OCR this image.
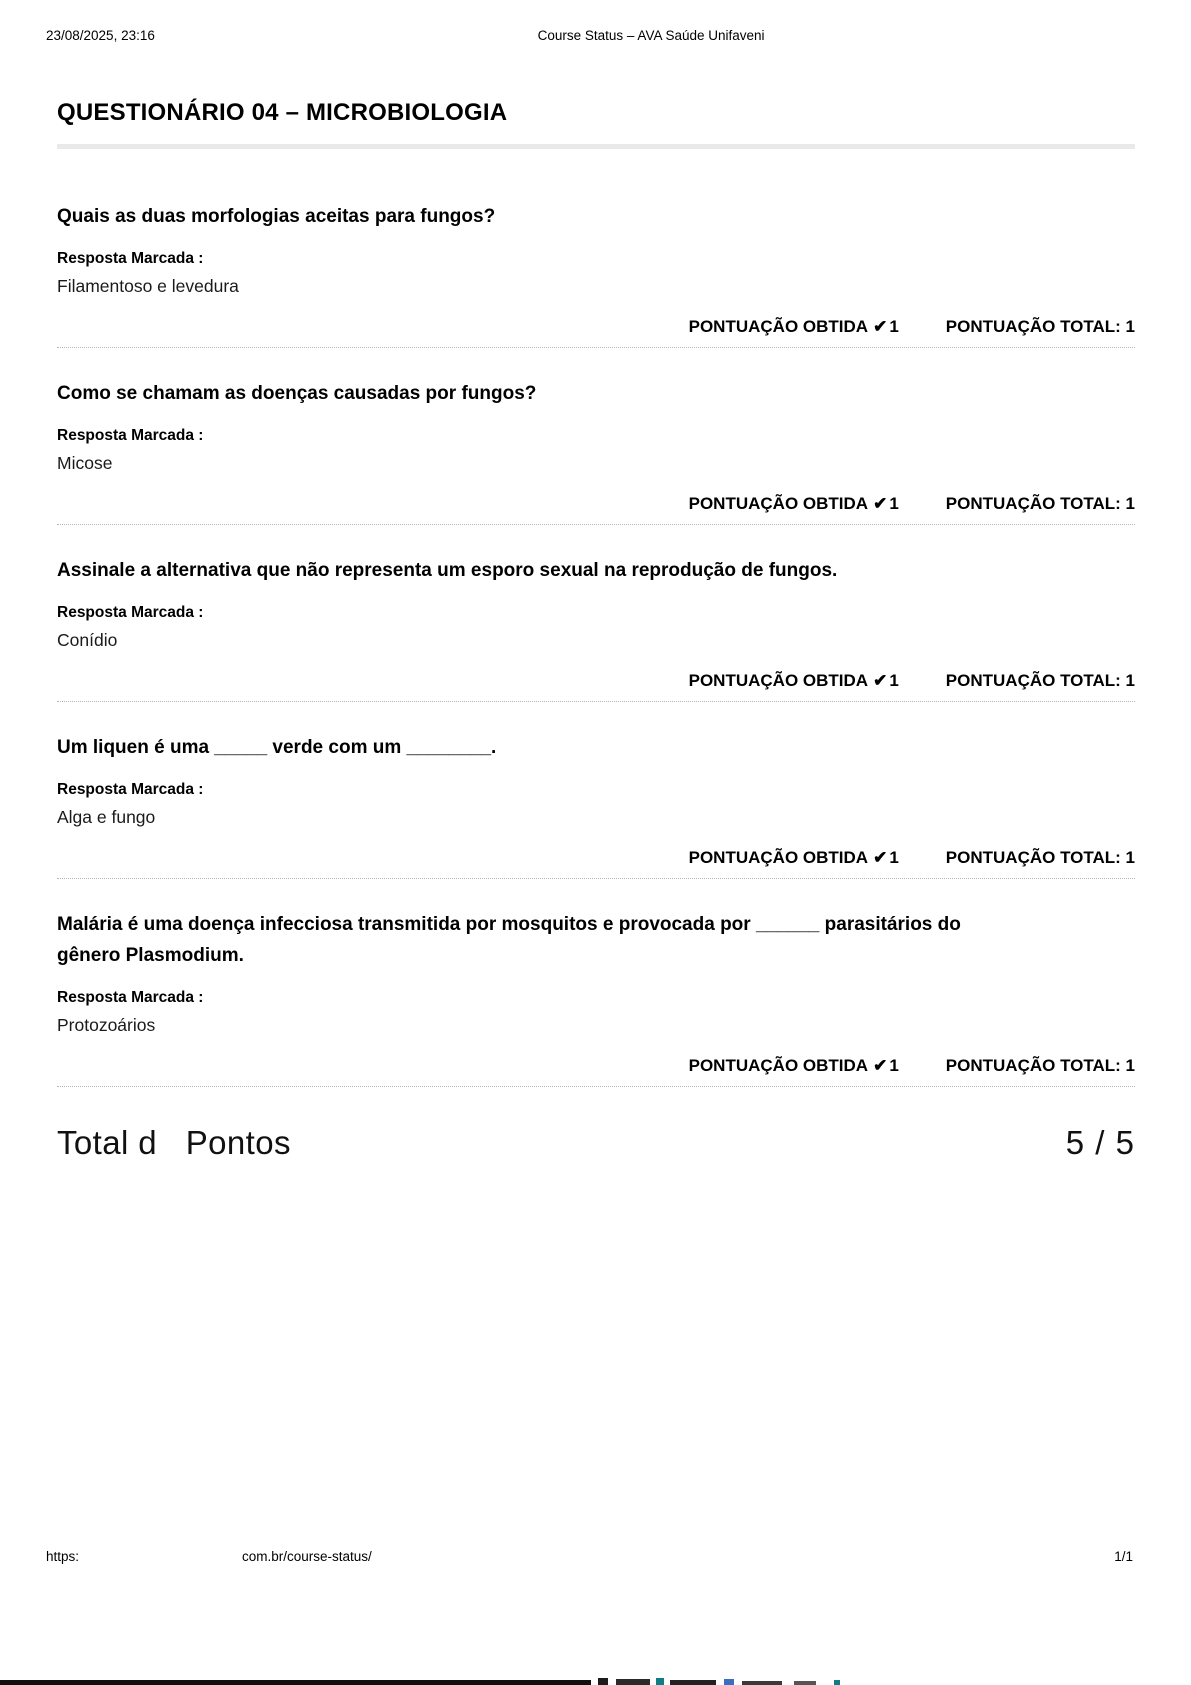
23/08/2025, 23:16	Course Status – AVA Saúde Unifaveni
QUESTIONÁRIO 04 – MICROBIOLOGIA

Quais as duas morfologias aceitas para fungos?

Resposta Marcada :

Filamentoso e levedura

PONTUAÇÃO OBTIDA ✔ 1	PONTUAÇÃO TOTAL: 1

Como se chamam as doenças causadas por fungos?

Resposta Marcada :

Micose

PONTUAÇÃO OBTIDA ✔ 1	PONTUAÇÃO TOTAL: 1

Assinale a alternativa que não representa um esporo sexual na reprodução de fungos.

Resposta Marcada :

Conídio

PONTUAÇÃO OBTIDA ✔ 1	PONTUAÇÃO TOTAL: 1

Um liquen é uma _____ verde com um ________.

Resposta Marcada :

Alga e fungo

PONTUAÇÃO OBTIDA ✔ 1	PONTUAÇÃO TOTAL: 1

Malária é uma doença infecciosa transmitida por mosquitos e provocada por ______ parasitários do gênero Plasmodium.

Resposta Marcada :

Protozoários

PONTUAÇÃO OBTIDA ✔ 1	PONTUAÇÃO TOTAL: 1
Total d   Pontos	5 / 5
https:	com.br/course-status/	1/1
